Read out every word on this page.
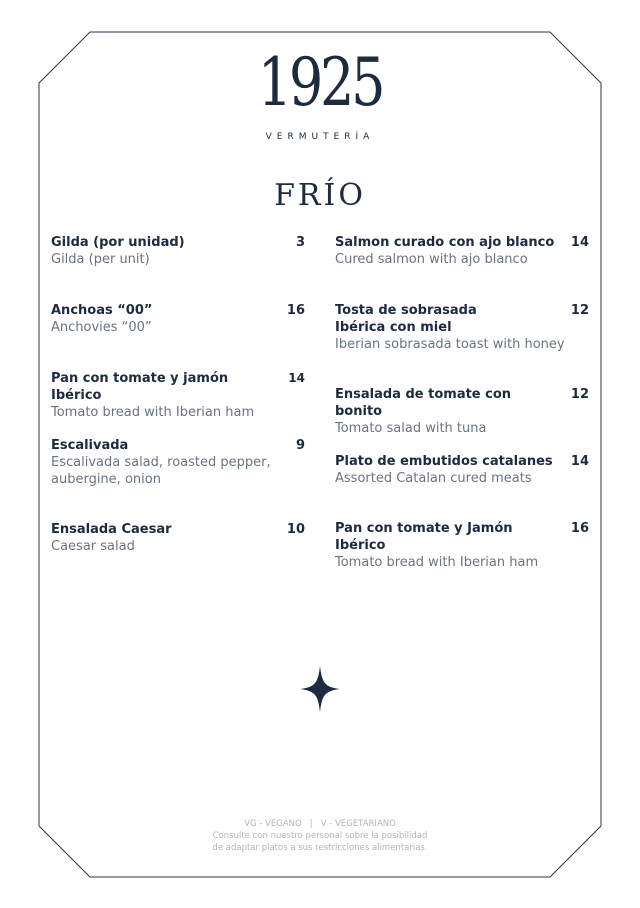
1925
VERMUTERÍA
FRÍO
Gilda (por unidad)	3
Gilda (per unit)
Anchoas “00”	16
Anchovies “00”
Pan con tomate y jamón Ibérico
14
Tomato bread with Iberian ham
Escalivada	9
Escalivada salad, roasted pepper, aubergine, onion
Ensalada Caesar	10
Caesar salad
Salmon curado con ajo blanco	14
Cured salmon with ajo blanco
Tosta de sobrasada Ibérica con miel
12
Iberian sobrasada toast with honey
Ensalada de tomate con bonito
12
Tomato salad with tuna
Plato de embutidos catalanes	14
Assorted Catalan cured meats
Pan con tomate y Jamón Ibérico
16
Tomato bread with Iberian ham
VG - VEGANO   |   V - VEGETARIANO
Consulte con nuestro personal sobre la posibilidad
de adaptar platos a sus restricciones alimentarias.
